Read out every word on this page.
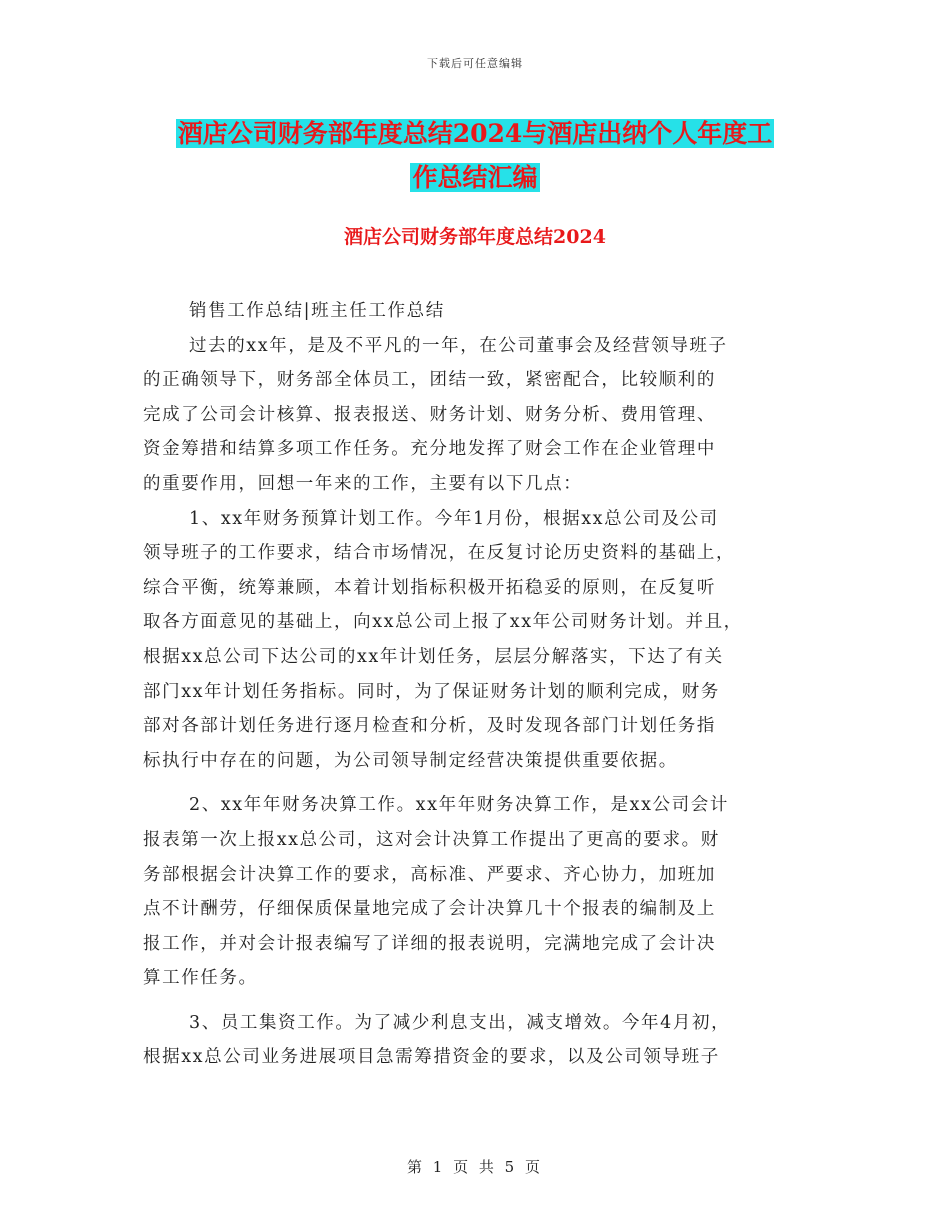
下载后可任意编辑
酒店公司财务部年度总结2024与酒店出纳个人年度工
作总结汇编
酒店公司财务部年度总结2024
销售工作总结|班主任工作总结
过去的xx年，是及不平凡的一年，在公司董事会及经营领导班子
的正确领导下，财务部全体员工，团结一致，紧密配合，比较顺利的
完成了公司会计核算、报表报送、财务计划、财务分析、费用管理、
资金筹措和结算多项工作任务。充分地发挥了财会工作在企业管理中
的重要作用，回想一年来的工作，主要有以下几点：
1、xx年财务预算计划工作。今年1月份，根据xx总公司及公司
领导班子的工作要求，结合市场情况，在反复讨论历史资料的基础上，
综合平衡，统筹兼顾，本着计划指标积极开拓稳妥的原则，在反复听
取各方面意见的基础上，向xx总公司上报了xx年公司财务计划。并且，
根据xx总公司下达公司的xx年计划任务，层层分解落实，下达了有关
部门xx年计划任务指标。同时，为了保证财务计划的顺利完成，财务
部对各部计划任务进行逐月检查和分析，及时发现各部门计划任务指
标执行中存在的问题，为公司领导制定经营决策提供重要依据。
2、xx年年财务决算工作。xx年年财务决算工作，是xx公司会计
报表第一次上报xx总公司，这对会计决算工作提出了更高的要求。财
务部根据会计决算工作的要求，高标准、严要求、齐心协力，加班加
点不计酬劳，仔细保质保量地完成了会计决算几十个报表的编制及上
报工作，并对会计报表编写了详细的报表说明，完满地完成了会计决
算工作任务。
3、员工集资工作。为了减少利息支出，减支增效。今年4月初，
根据xx总公司业务进展项目急需筹措资金的要求，以及公司领导班子
第 1 页 共 5 页
